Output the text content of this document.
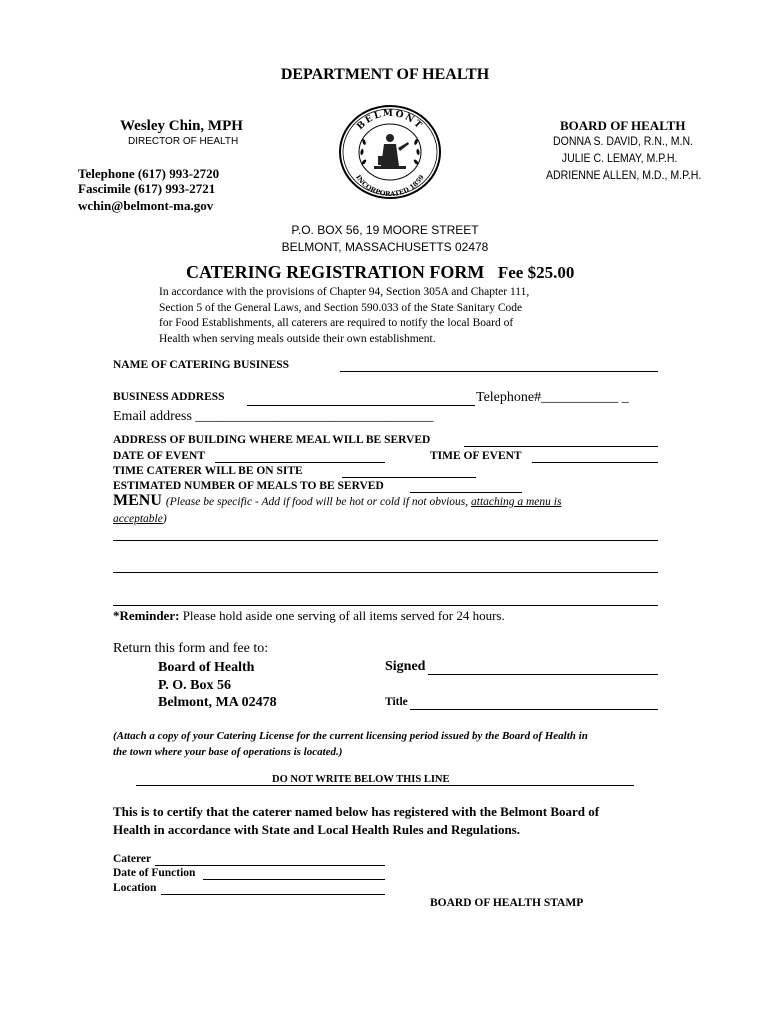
DEPARTMENT OF HEALTH
Wesley Chin, MPH
DIRECTOR OF HEALTH
Telephone (617) 993-2720
Fascimile (617) 993-2721
wchin@belmont-ma.gov
BELMONT
INCORPORATED 1859
BOARD OF HEALTH
DONNA S. DAVID, R.N., M.N.
JULIE C. LEMAY, M.P.H.
ADRIENNE ALLEN, M.D., M.P.H.
P.O. BOX 56, 19 MOORE STREET
BELMONT, MASSACHUSETTS 02478
CATERING REGISTRATION FORM Fee $25.00
In accordance with the provisions of Chapter 94, Section 305A and Chapter 111,
Section 5 of the General Laws, and Section 590.033 of the State Sanitary Code
for Food Establishments, all caterers are required to notify the local Board of
Health when serving meals outside their own establishment.
NAME OF CATERING BUSINESS
BUSINESS ADDRESS	Telephone#___________ _
Email address __________________________________
ADDRESS OF BUILDING WHERE MEAL WILL BE SERVED
DATE OF EVENT	TIME OF EVENT
TIME CATERER WILL BE ON SITE
ESTIMATED NUMBER OF MEALS TO BE SERVED
MENU (Please be specific - Add if food will be hot or cold if not obvious, attaching a menu is
acceptable)
*Reminder: Please hold aside one serving of all items served for 24 hours.
Return this form and fee to:
Board of Health
P. O. Box 56
Belmont, MA 02478
Signed
Title
(Attach a copy of your Catering License for the current licensing period issued by the Board of Health in
the town where your base of operations is located.)
DO NOT WRITE BELOW THIS LINE
This is to certify that the caterer named below has registered with the Belmont Board of
Health in accordance with State and Local Health Rules and Regulations.
Caterer
Date of Function
Location
BOARD OF HEALTH STAMP
